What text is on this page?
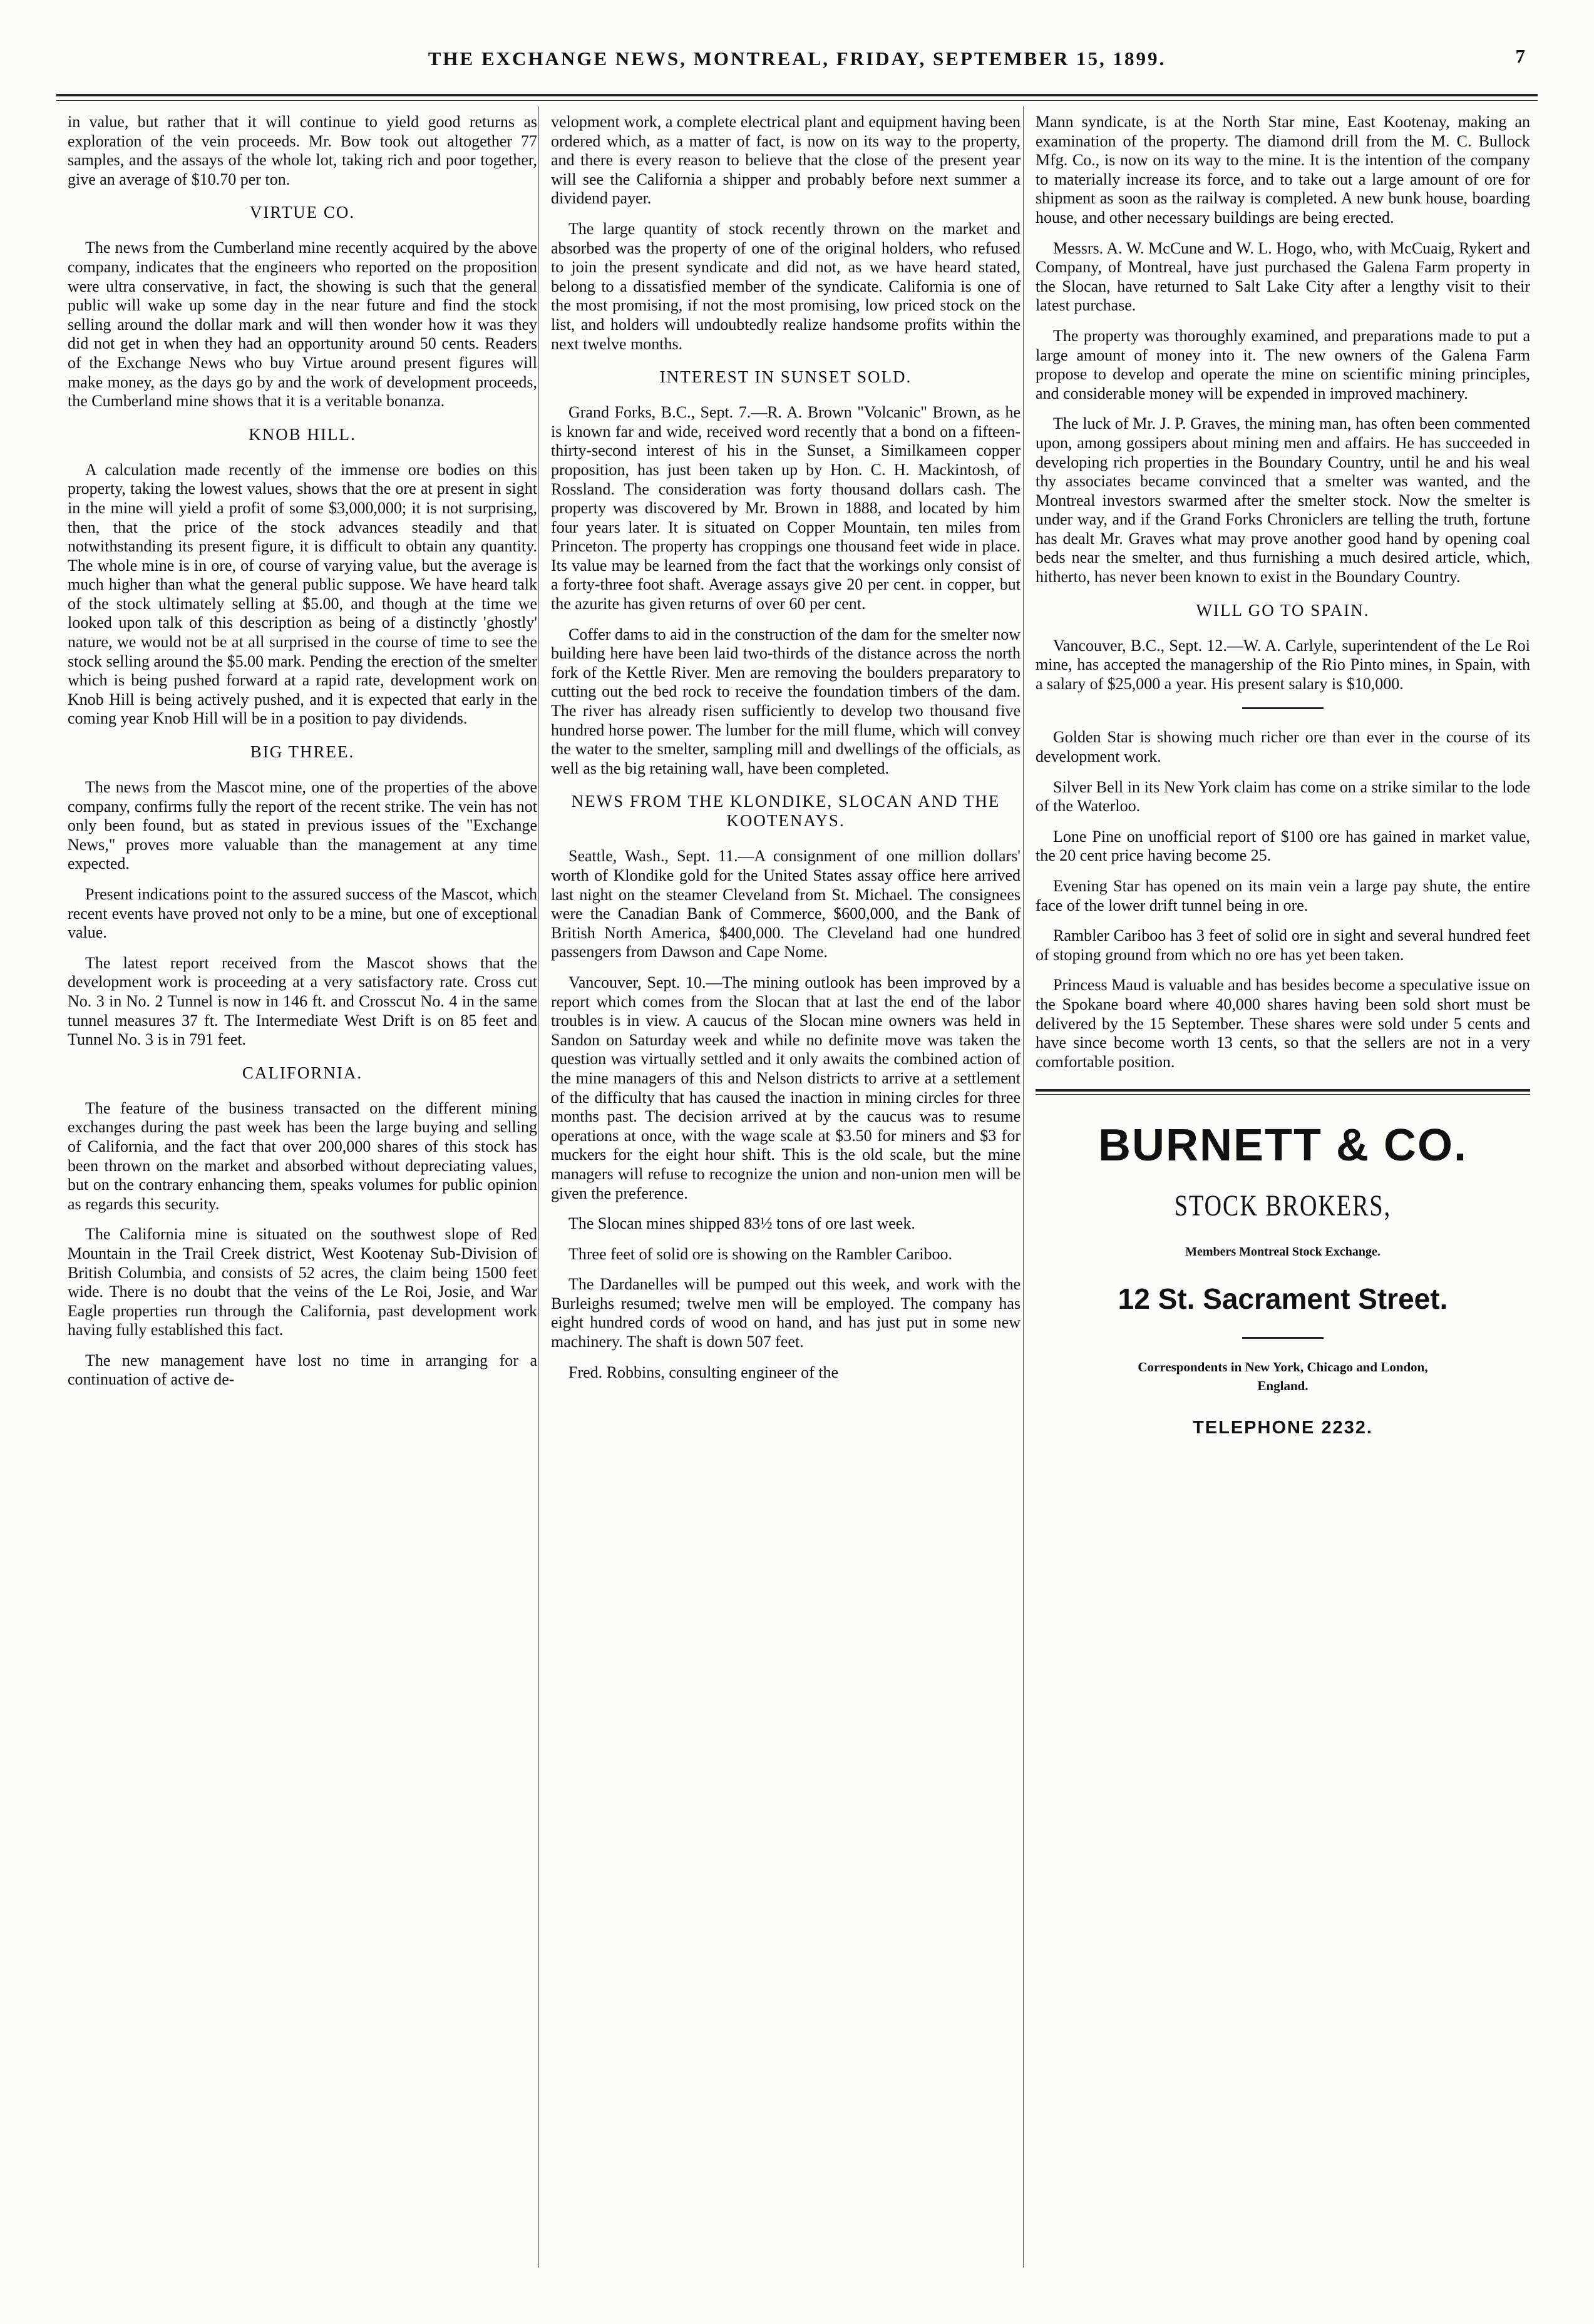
THE EXCHANGE NEWS, MONTREAL, FRIDAY, SEPTEMBER 15, 1899.	7

in value, but rather that it will continue to yield good returns as exploration of the vein proceeds. Mr. Bow took out altogether 77 samples, and the assays of the whole lot, taking rich and poor together, give an average of $10.70 per ton.

VIRTUE CO.

The news from the Cumberland mine recently acquired by the above company, indicates that the engineers who reported on the proposition were ultra conservative, in fact, the showing is such that the general public will wake up some day in the near future and find the stock selling around the dollar mark and will then wonder how it was they did not get in when they had an opportunity around 50 cents. Readers of the Exchange News who buy Virtue around present figures will make money, as the days go by and the work of development proceeds, the Cumberland mine shows that it is a veritable bonanza.

KNOB HILL.

A calculation made recently of the immense ore bodies on this property, taking the lowest values, shows that the ore at present in sight in the mine will yield a profit of some $3,000,000; it is not surprising, then, that the price of the stock advances steadily and that notwithstanding its present figure, it is difficult to obtain any quantity. The whole mine is in ore, of course of varying value, but the average is much higher than what the general public suppose. We have heard talk of the stock ultimately selling at $5.00, and though at the time we looked upon talk of this description as being of a distinctly 'ghostly' nature, we would not be at all surprised in the course of time to see the stock selling around the $5.00 mark. Pending the erection of the smelter which is being pushed forward at a rapid rate, development work on Knob Hill is being actively pushed, and it is expected that early in the coming year Knob Hill will be in a position to pay dividends.

BIG THREE.

The news from the Mascot mine, one of the properties of the above company, confirms fully the report of the recent strike. The vein has not only been found, but as stated in previous issues of the "Exchange News," proves more valuable than the management at any time expected.

Present indications point to the assured success of the Mascot, which recent events have proved not only to be a mine, but one of exceptional value.

The latest report received from the Mascot shows that the development work is proceeding at a very satisfactory rate. Cross cut No. 3 in No. 2 Tunnel is now in 146 ft. and Crosscut No. 4 in the same tunnel measures 37 ft. The Intermediate West Drift is on 85 feet and Tunnel No. 3 is in 791 feet.

CALIFORNIA.

The feature of the business transacted on the different mining exchanges during the past week has been the large buying and selling of California, and the fact that over 200,000 shares of this stock has been thrown on the market and absorbed without depreciating values, but on the contrary enhancing them, speaks volumes for public opinion as regards this security.

The California mine is situated on the southwest slope of Red Mountain in the Trail Creek district, West Kootenay Sub-Division of British Columbia, and consists of 52 acres, the claim being 1500 feet wide. There is no doubt that the veins of the Le Roi, Josie, and War Eagle properties run through the California, past development work having fully established this fact.

The new management have lost no time in arranging for a continuation of active de-

velopment work, a complete electrical plant and equipment having been ordered which, as a matter of fact, is now on its way to the property, and there is every reason to believe that the close of the present year will see the California a shipper and probably before next summer a dividend payer.

The large quantity of stock recently thrown on the market and absorbed was the property of one of the original holders, who refused to join the present syndicate and did not, as we have heard stated, belong to a dissatisfied member of the syndicate. California is one of the most promising, if not the most promising, low priced stock on the list, and holders will undoubtedly realize handsome profits within the next twelve months.

INTEREST IN SUNSET SOLD.

Grand Forks, B.C., Sept. 7.—R. A. Brown "Volcanic" Brown, as he is known far and wide, received word recently that a bond on a fifteen-thirty-second interest of his in the Sunset, a Similkameen copper proposition, has just been taken up by Hon. C. H. Mackintosh, of Rossland. The consideration was forty thousand dollars cash. The property was discovered by Mr. Brown in 1888, and located by him four years later. It is situated on Copper Mountain, ten miles from Princeton. The property has croppings one thousand feet wide in place. Its value may be learned from the fact that the workings only consist of a forty-three foot shaft. Average assays give 20 per cent. in copper, but the azurite has given returns of over 60 per cent.

Coffer dams to aid in the construction of the dam for the smelter now building here have been laid two-thirds of the distance across the north fork of the Kettle River. Men are removing the boulders preparatory to cutting out the bed rock to receive the foundation timbers of the dam. The river has already risen sufficiently to develop two thousand five hundred horse power. The lumber for the mill flume, which will convey the water to the smelter, sampling mill and dwellings of the officials, as well as the big retaining wall, have been completed.

NEWS FROM THE KLONDIKE, SLOCAN AND THE KOOTENAYS.

Seattle, Wash., Sept. 11.—A consignment of one million dollars' worth of Klondike gold for the United States assay office here arrived last night on the steamer Cleveland from St. Michael. The consignees were the Canadian Bank of Commerce, $600,000, and the Bank of British North America, $400,000. The Cleveland had one hundred passengers from Dawson and Cape Nome.

Vancouver, Sept. 10.—The mining outlook has been improved by a report which comes from the Slocan that at last the end of the labor troubles is in view. A caucus of the Slocan mine owners was held in Sandon on Saturday week and while no definite move was taken the question was virtually settled and it only awaits the combined action of the mine managers of this and Nelson districts to arrive at a settlement of the difficulty that has caused the inaction in mining circles for three months past. The decision arrived at by the caucus was to resume operations at once, with the wage scale at $3.50 for miners and $3 for muckers for the eight hour shift. This is the old scale, but the mine managers will refuse to recognize the union and non-union men will be given the preference.

The Slocan mines shipped 83½ tons of ore last week.

Three feet of solid ore is showing on the Rambler Cariboo.

The Dardanelles will be pumped out this week, and work with the Burleighs resumed; twelve men will be employed. The company has eight hundred cords of wood on hand, and has just put in some new machinery. The shaft is down 507 feet.

Fred. Robbins, consulting engineer of the

Mann syndicate, is at the North Star mine, East Kootenay, making an examination of the property. The diamond drill from the M. C. Bullock Mfg. Co., is now on its way to the mine. It is the intention of the company to materially increase its force, and to take out a large amount of ore for shipment as soon as the railway is completed. A new bunk house, boarding house, and other necessary buildings are being erected.

Messrs. A. W. McCune and W. L. Hogo, who, with McCuaig, Rykert and Company, of Montreal, have just purchased the Galena Farm property in the Slocan, have returned to Salt Lake City after a lengthy visit to their latest purchase.

The property was thoroughly examined, and preparations made to put a large amount of money into it. The new owners of the Galena Farm propose to develop and operate the mine on scientific mining principles, and considerable money will be expended in improved machinery.

The luck of Mr. J. P. Graves, the mining man, has often been commented upon, among gossipers about mining men and affairs. He has succeeded in developing rich properties in the Boundary Country, until he and his weal thy associates became convinced that a smelter was wanted, and the Montreal investors swarmed after the smelter stock. Now the smelter is under way, and if the Grand Forks Chroniclers are telling the truth, fortune has dealt Mr. Graves what may prove another good hand by opening coal beds near the smelter, and thus furnishing a much desired article, which, hitherto, has never been known to exist in the Boundary Country.

WILL GO TO SPAIN.

Vancouver, B.C., Sept. 12.—W. A. Carlyle, superintendent of the Le Roi mine, has accepted the managership of the Rio Pinto mines, in Spain, with a salary of $25,000 a year. His present salary is $10,000.

Golden Star is showing much richer ore than ever in the course of its development work.

Silver Bell in its New York claim has come on a strike similar to the lode of the Waterloo.

Lone Pine on unofficial report of $100 ore has gained in market value, the 20 cent price having become 25.

Evening Star has opened on its main vein a large pay shute, the entire face of the lower drift tunnel being in ore.

Rambler Cariboo has 3 feet of solid ore in sight and several hundred feet of stoping ground from which no ore has yet been taken.

Princess Maud is valuable and has besides become a speculative issue on the Spokane board where 40,000 shares having been sold short must be delivered by the 15 September. These shares were sold under 5 cents and have since become worth 13 cents, so that the sellers are not in a very comfortable position.

BURNETT & CO.
STOCK BROKERS,
Members Montreal Stock Exchange.
12 St. Sacrament Street.
Correspondents in New York, Chicago and London,
England.
TELEPHONE 2232.
